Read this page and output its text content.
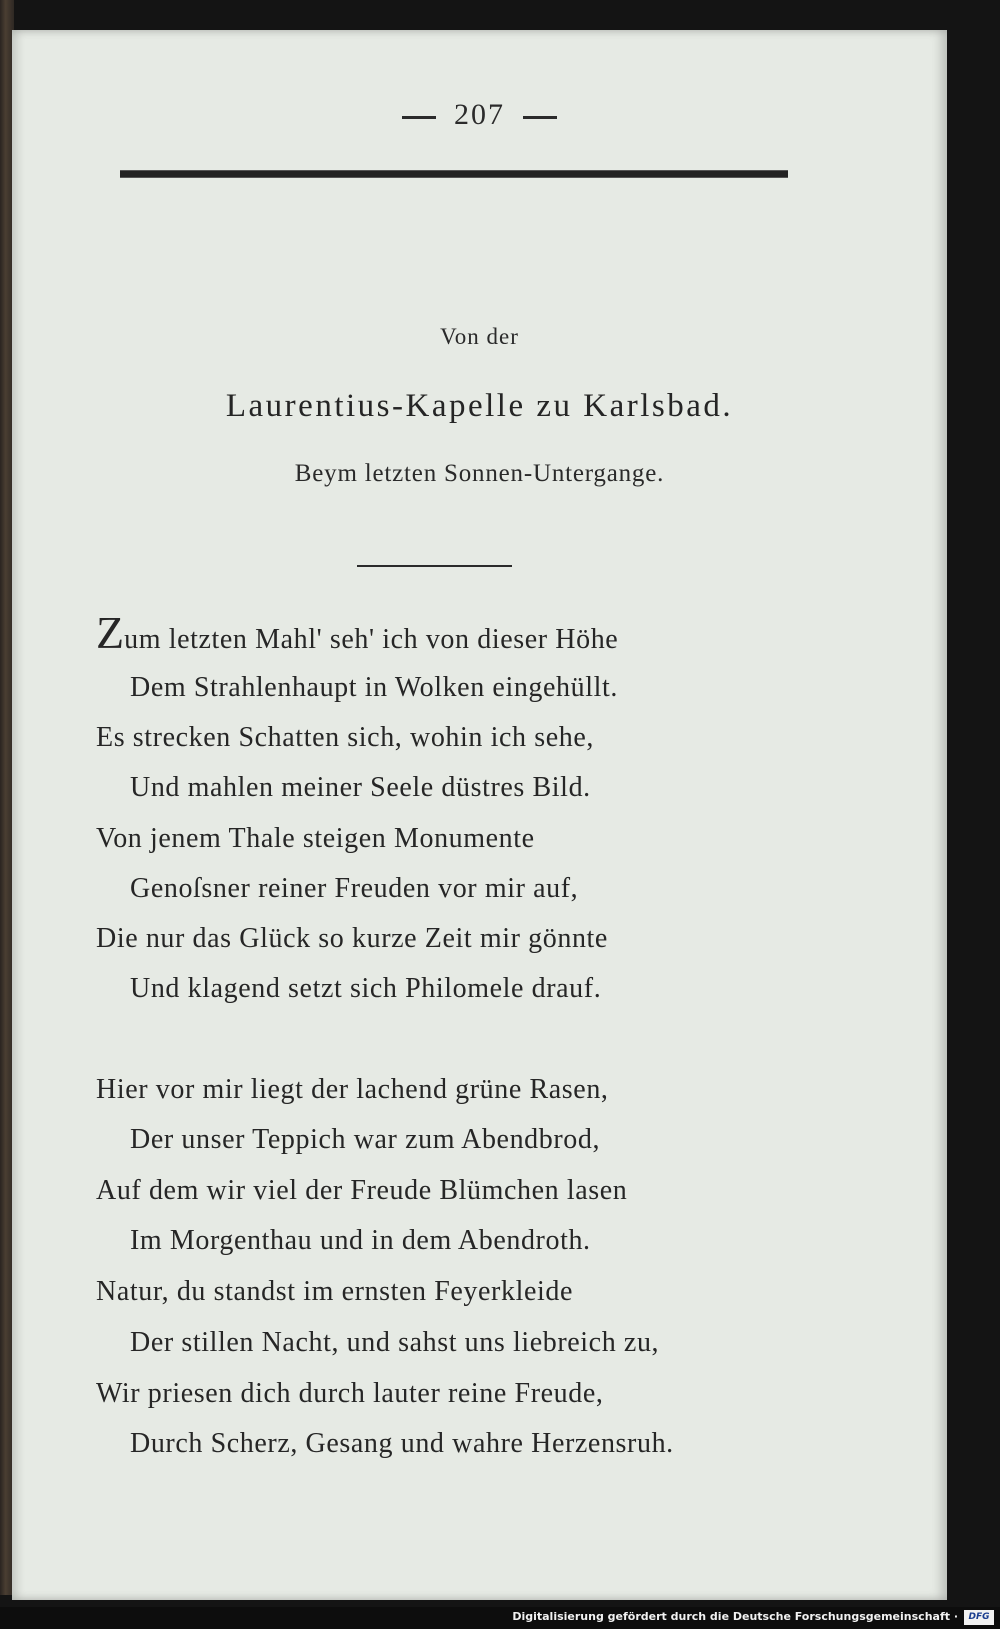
207
Von der
Laurentius-Kapelle zu Karlsbad.
Beym letzten Sonnen-Untergange.
Zum letzten Mahl' seh' ich von dieser Höhe
Dem Strahlenhaupt in Wolken eingehüllt.
Es strecken Schatten sich, wohin ich sehe,
Und mahlen meiner Seele düstres Bild.
Von jenem Thale steigen Monumente
Genoſsner reiner Freuden vor mir auf,
Die nur das Glück so kurze Zeit mir gönnte
Und klagend setzt sich Philomele drauf.
Hier vor mir liegt der lachend grüne Rasen,
Der unser Teppich war zum Abendbrod,
Auf dem wir viel der Freude Blümchen lasen
Im Morgenthau und in dem Abendroth.
Natur, du standst im ernsten Feyerkleide
Der stillen Nacht, und sahst uns liebreich zu,
Wir priesen dich durch lauter reine Freude,
Durch Scherz, Gesang und wahre Herzensruh.
Digitalisierung gefördert durch die Deutsche Forschungsgemeinschaft ·	DFG
